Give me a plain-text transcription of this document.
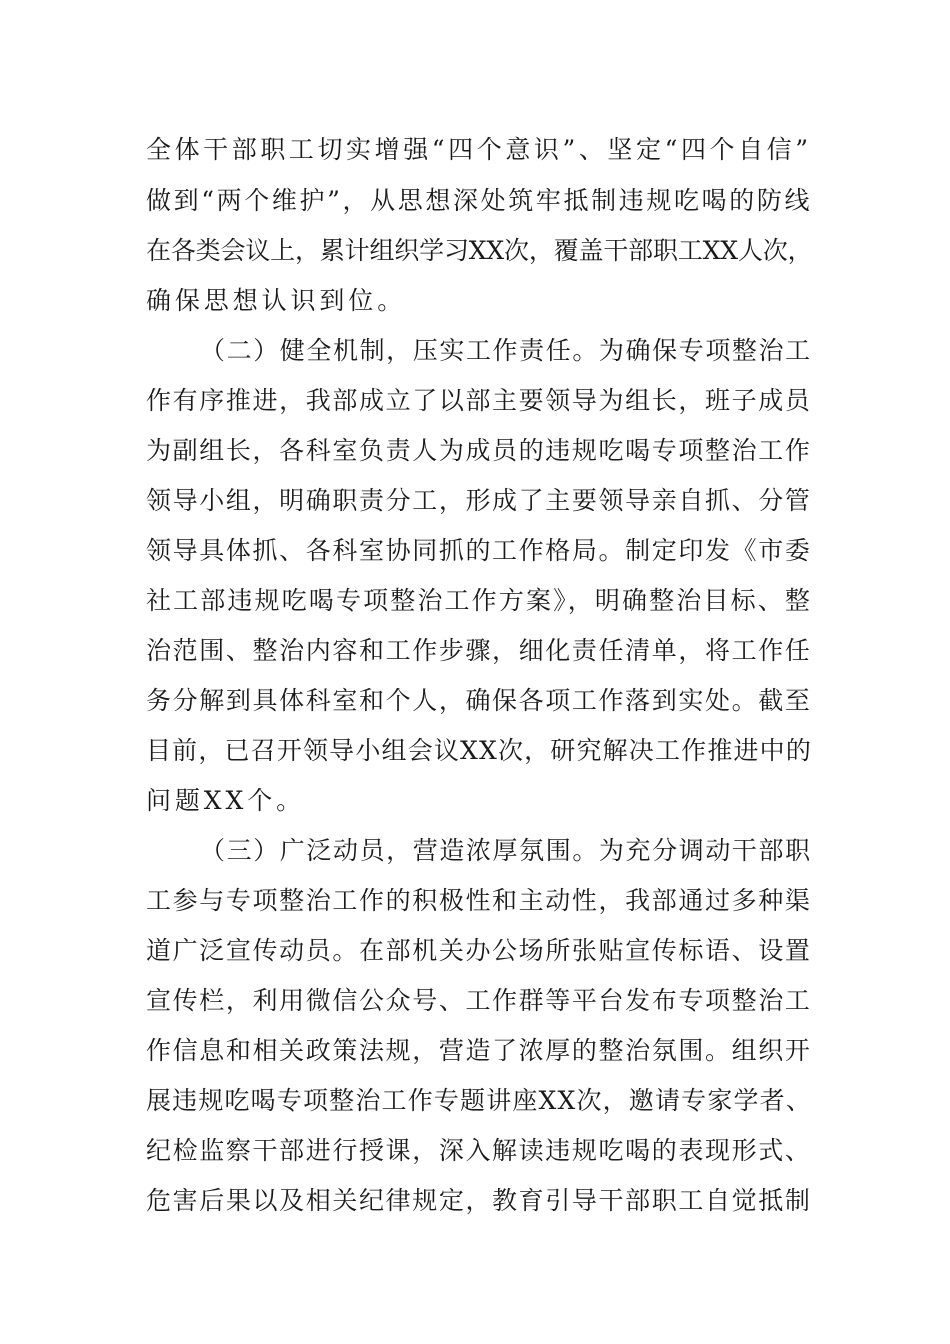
全体干部职工切实增强“四个意识”、坚定“四个自信”
做到“两个维护”，从思想深处筑牢抵制违规吃喝的防线
在各类会议上，累计组织学习XX次，覆盖干部职工XX人次，
确保思想认识到位。
（二）健全机制，压实工作责任。为确保专项整治工
作有序推进，我部成立了以部主要领导为组长，班子成员
为副组长，各科室负责人为成员的违规吃喝专项整治工作
领导小组，明确职责分工，形成了主要领导亲自抓、分管
领导具体抓、各科室协同抓的工作格局。制定印发《市委
社工部违规吃喝专项整治工作方案》，明确整治目标、整
治范围、整治内容和工作步骤，细化责任清单，将工作任
务分解到具体科室和个人，确保各项工作落到实处。截至
目前，已召开领导小组会议XX次，研究解决工作推进中的
问题XX个。
（三）广泛动员，营造浓厚氛围。为充分调动干部职
工参与专项整治工作的积极性和主动性，我部通过多种渠
道广泛宣传动员。在部机关办公场所张贴宣传标语、设置
宣传栏，利用微信公众号、工作群等平台发布专项整治工
作信息和相关政策法规，营造了浓厚的整治氛围。组织开
展违规吃喝专项整治工作专题讲座XX次，邀请专家学者、
纪检监察干部进行授课，深入解读违规吃喝的表现形式、
危害后果以及相关纪律规定，教育引导干部职工自觉抵制
